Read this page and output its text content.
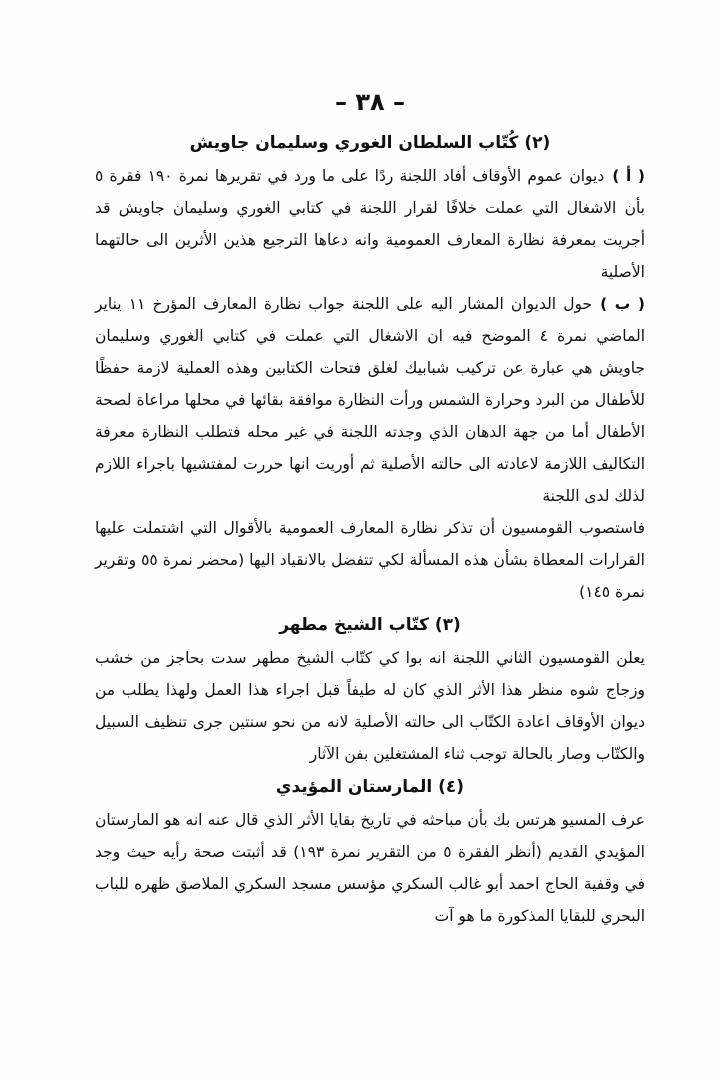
– ٣٨ –
(٢) كُتّاب السلطان الغوري وسليمان جاويش
( أ )ديوان عموم الأوقاف أفاد اللجنة ردًا على ما ورد في تقريرها نمرة ١٩٠ فقرة ٥ بأن الاشغال التي عملت خلافًا لقرار اللجنة في كتابي الغوري وسليمان جاويش قد أجريت بمعرفة نظارة المعارف العمومية وانه دعاها الترجيع هذين الأثرين الى حالتهما الأصلية
( ب )حول الديوان المشار اليه على اللجنة جواب نظارة المعارف المؤرخ ١١ يناير الماضي نمرة ٤ الموضح فيه ان الاشغال التي عملت في كتابي الغوري وسليمان جاويش هي عبارة عن تركيب شبابيك لغلق فتحات الكتابين وهذه العملية لازمة حفظًا للأطفال من البرد وحرارة الشمس ورأت النظارة موافقة بقائها في محلها مراعاة لصحة الأطفال أما من جهة الدهان الذي وجدته اللجنة في غير محله فتطلب النظارة معرفة التكاليف اللازمة لاعادته الى حالته الأصلية ثم أوريت انها حررت لمفتشيها باجراء اللازم لذلك لدى اللجنة
فاستصوب القومسيون أن تذكر نظارة المعارف العمومية بالأقوال التي اشتملت عليها القرارات المعطاة بشأن هذه المسألة لكي تتفضل بالانقياد اليها (محضر نمرة ٥٥ وتقرير نمرة ١٤٥)
(٣) كتّاب الشيخ مطهر
يعلن القومسيون الثاني اللجنة انه بوا كي كتّاب الشيخ مطهر سدت بحاجز من خشب وزجاج شوه منظر هذا الأثر الذي كان له طيفاً قبل اجراء هذا العمل ولهذا يطلب من ديوان الأوقاف اعادة الكتّاب الى حالته الأصلية لانه من نحو سنتين جرى تنظيف السبيل والكتّاب وصار بالحالة توجب ثناء المشتغلين بفن الآثار
(٤) المارستان المؤيدي
عرف المسيو هرتس بك بأن مباحثه في تاريخ بقايا الأثر الذي قال عنه انه هو المارستان المؤيدي القديم (أنظر الفقرة ٥ من التقرير نمرة ١٩٣) قد أثبتت صحة رأيه حيث وجد في وقفية الحاج احمد أبو غالب السكري مؤسس مسجد السكري الملاصق ظهره للباب البحري للبقايا المذكورة ما هو آت
